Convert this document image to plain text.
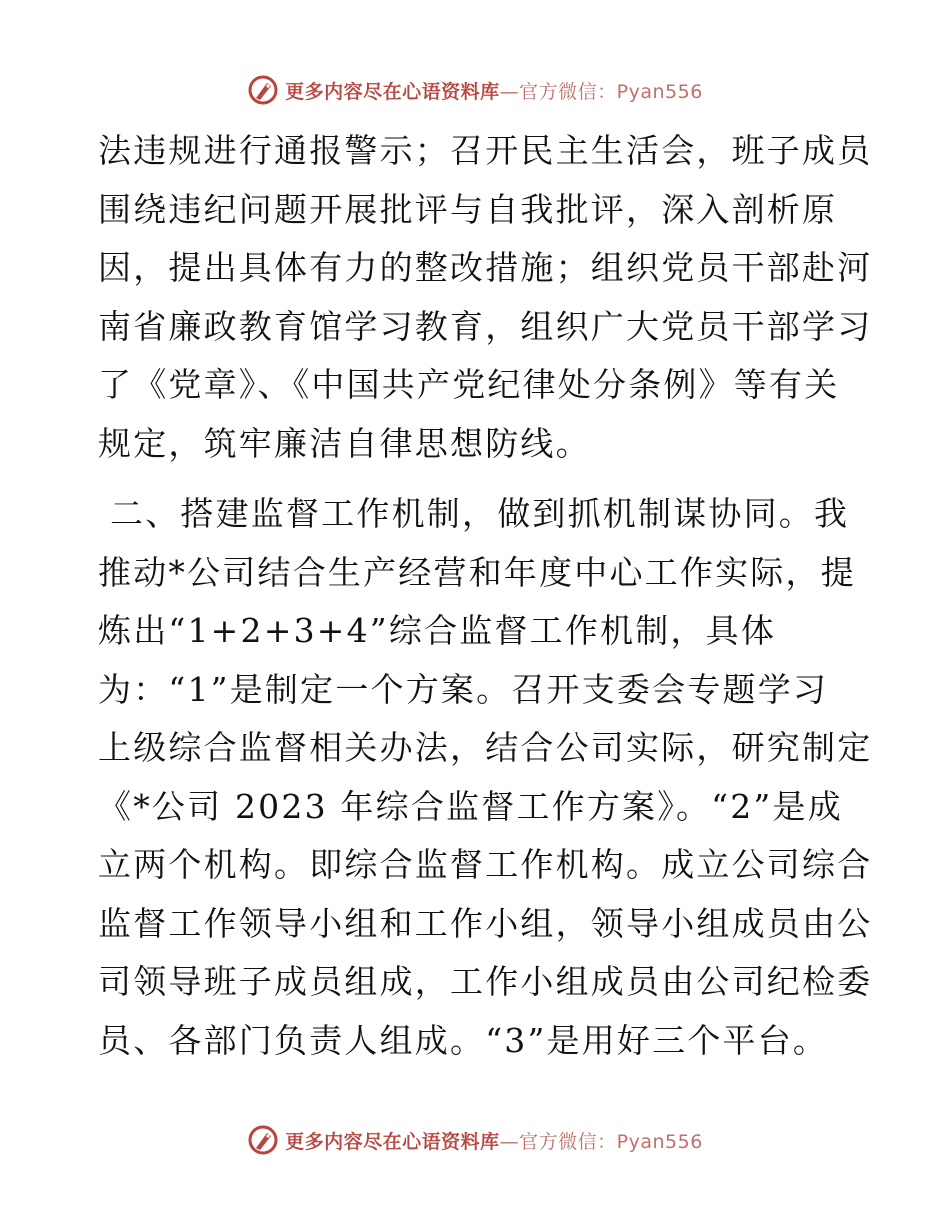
更多内容尽在心语资料库—官方微信：Pyan556
法违规进行通报警示；召开民主生活会，班子成员
围绕违纪问题开展批评与自我批评，深入剖析原
因，提出具体有力的整改措施；组织党员干部赴河
南省廉政教育馆学习教育，组织广大党员干部学习
了《党章》、《中国共产党纪律处分条例》等有关
规定，筑牢廉洁自律思想防线。
二、搭建监督工作机制，做到抓机制谋协同。我
推动*公司结合生产经营和年度中心工作实际，提
炼出“1+2+3+4”综合监督工作机制，具体
为：“1”是制定一个方案。召开支委会专题学习
上级综合监督相关办法，结合公司实际，研究制定
《*公司 2023 年综合监督工作方案》。“2”是成
立两个机构。即综合监督工作机构。成立公司综合
监督工作领导小组和工作小组，领导小组成员由公
司领导班子成员组成，工作小组成员由公司纪检委
员、各部门负责人组成。“3”是用好三个平台。
更多内容尽在心语资料库—官方微信：Pyan556
